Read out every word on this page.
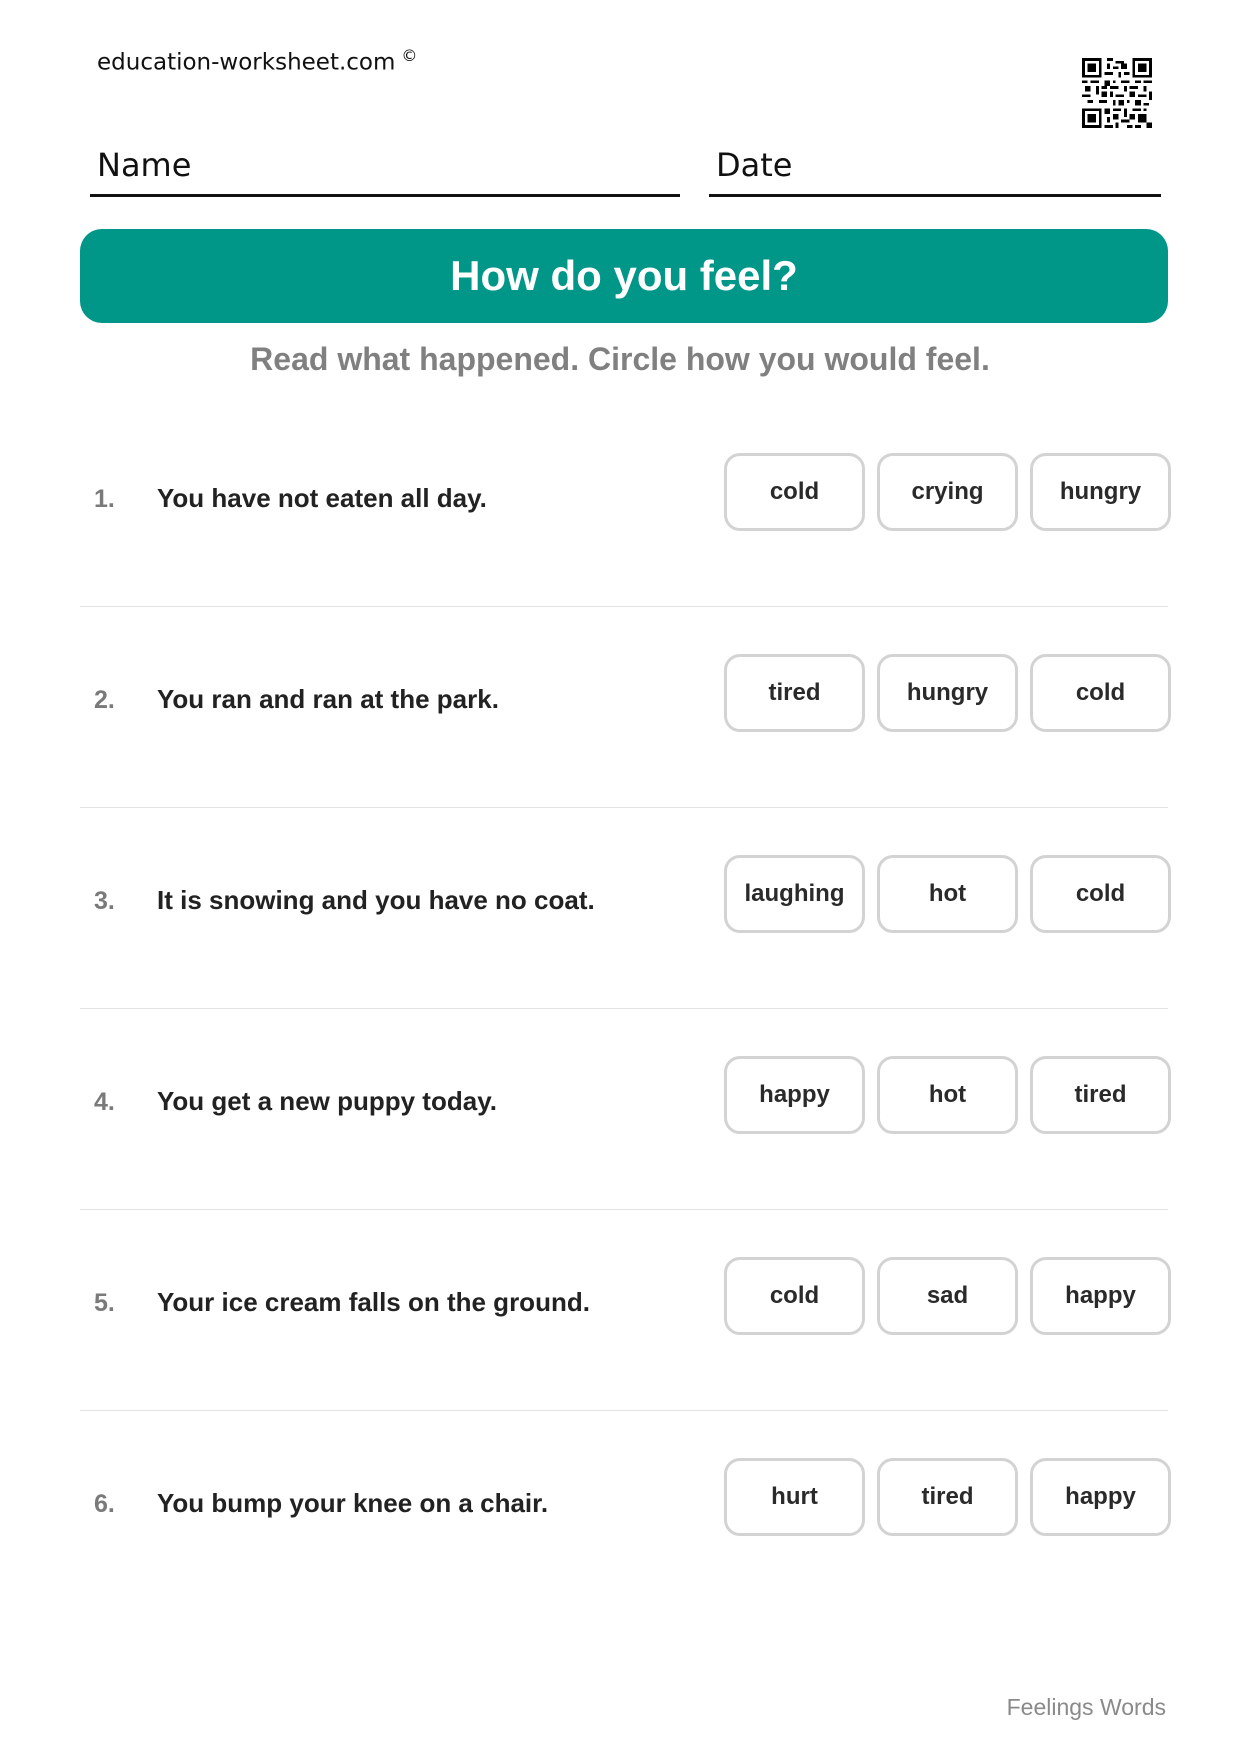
education-worksheet.com ©
Name	Date
How do you feel?
Read what happened. Circle how you would feel.
1. You have not eaten all day.	cold	crying	hungry
2. You ran and ran at the park.	tired	hungry	cold
3. It is snowing and you have no coat.	laughing	hot	cold
4. You get a new puppy today.	happy	hot	tired
5. Your ice cream falls on the ground.	cold	sad	happy
6. You bump your knee on a chair.	hurt	tired	happy
Feelings Words
